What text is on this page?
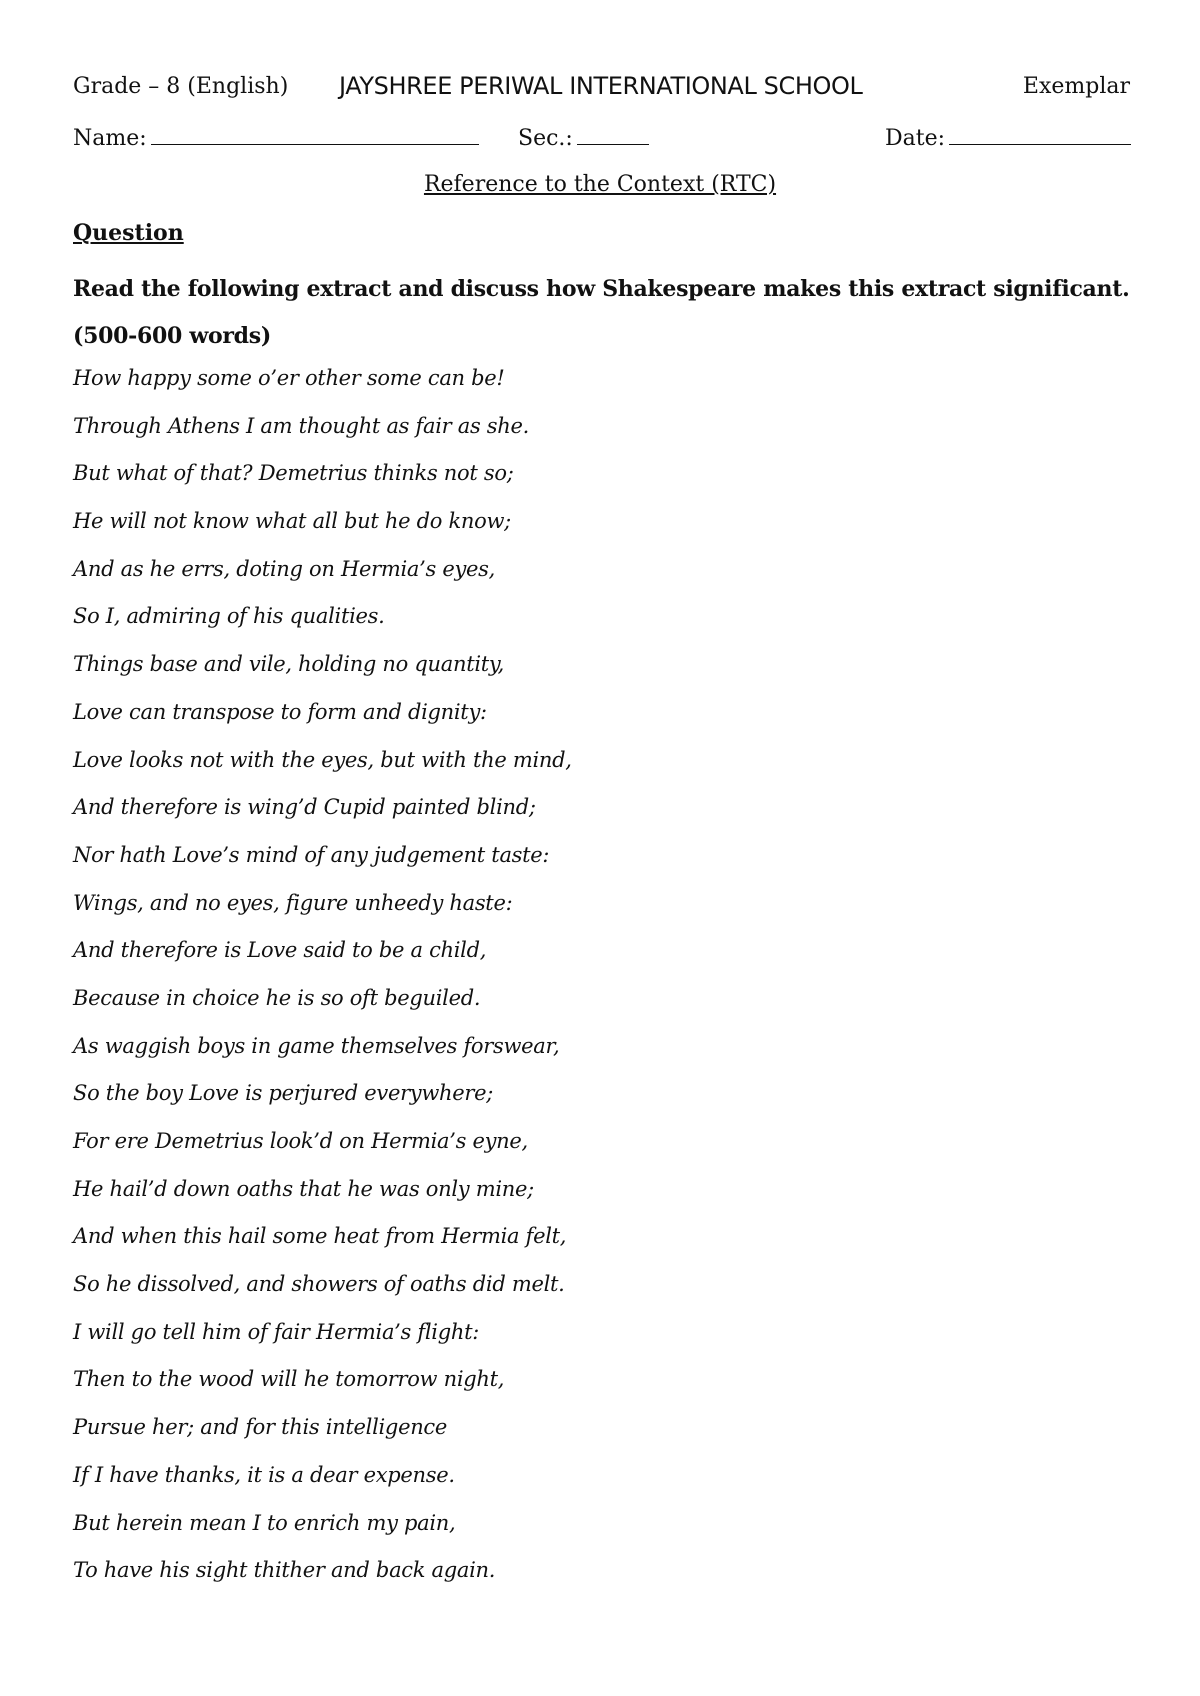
Grade – 8 (English) JAYSHREE PERIWAL INTERNATIONAL SCHOOL	Exemplar
Name:	Sec.:	Date:
Reference to the Context (RTC)
Question
Read the following extract and discuss how Shakespeare makes this extract significant. (500-600 words)
How happy some o’er other some can be!
Through Athens I am thought as fair as she.
But what of that? Demetrius thinks not so;
He will not know what all but he do know;
And as he errs, doting on Hermia’s eyes,
So I, admiring of his qualities.
Things base and vile, holding no quantity,
Love can transpose to form and dignity:
Love looks not with the eyes, but with the mind,
And therefore is wing’d Cupid painted blind;
Nor hath Love’s mind of any judgement taste:
Wings, and no eyes, figure unheedy haste:
And therefore is Love said to be a child,
Because in choice he is so oft beguiled.
As waggish boys in game themselves forswear,
So the boy Love is perjured everywhere;
For ere Demetrius look’d on Hermia’s eyne,
He hail’d down oaths that he was only mine;
And when this hail some heat from Hermia felt,
So he dissolved, and showers of oaths did melt.
I will go tell him of fair Hermia’s flight:
Then to the wood will he tomorrow night,
Pursue her; and for this intelligence
If I have thanks, it is a dear expense.
But herein mean I to enrich my pain,
To have his sight thither and back again.
